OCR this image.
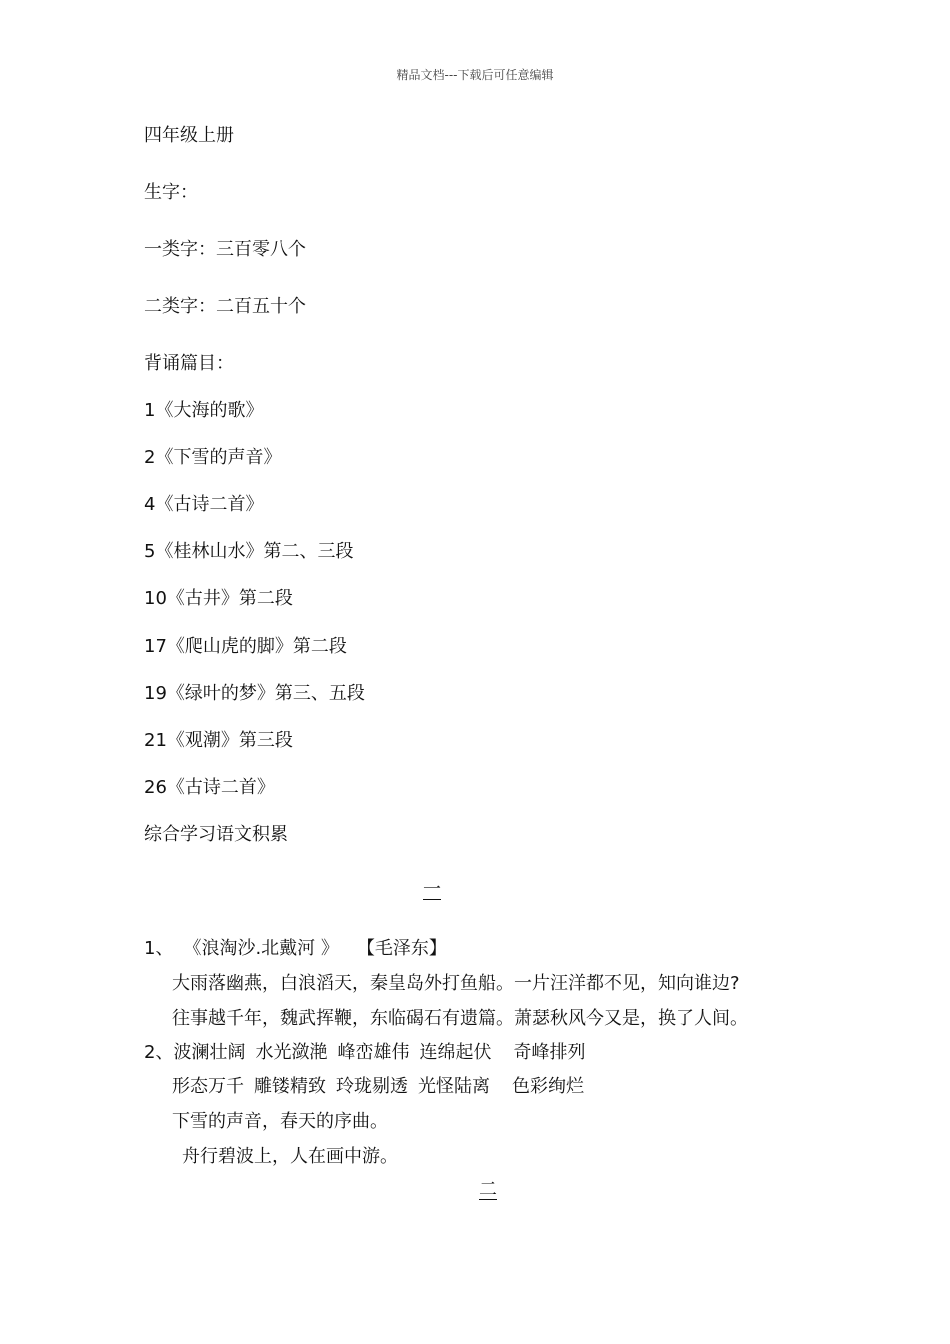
精品文档---下载后可任意编辑
四年级上册
生字：
一类字：三百零八个
二类字：二百五十个
背诵篇目：
1《大海的歌》
2《下雪的声音》
4《古诗二首》
5《桂林山水》第二、三段
10《古井》第二段
17《爬山虎的脚》第二段
19《绿叶的梦》第三、五段
21《观潮》第三段
26《古诗二首》
综合学习语文积累
一
1、 《浪淘沙.北戴河 》 【毛泽东】
大雨落幽燕，白浪滔天，秦皇岛外打鱼船。一片汪洋都不见，知向谁边?
往事越千年，魏武挥鞭，东临碣石有遗篇。萧瑟秋风今又是，换了人间。
2、波澜壮阔 水光潋滟 峰峦雄伟 连绵起伏 奇峰排列
形态万千 雕镂精致 玲珑剔透 光怪陆离 色彩绚烂
下雪的声音，春天的序曲。
舟行碧波上，人在画中游。
二
